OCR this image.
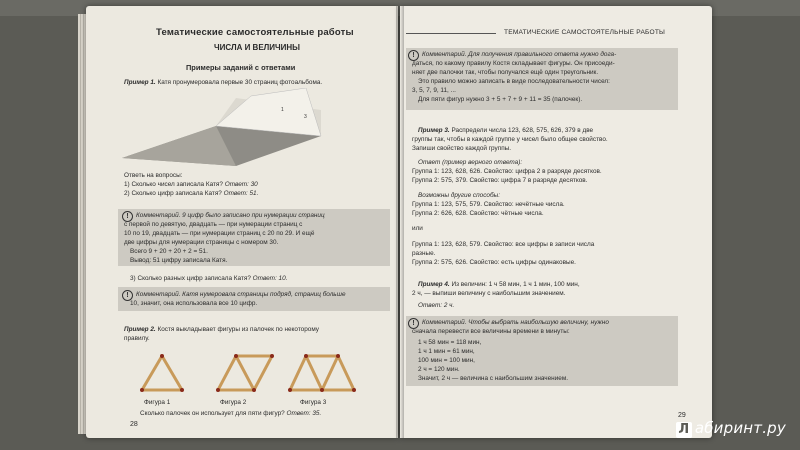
Тематические самостоятельные работы
ЧИСЛА И ВЕЛИЧИНЫ
Примеры заданий с ответами
Пример 1. Катя пронумеровала первые 30 страниц фотоальбома.
1
3
Ответь на вопросы:
1) Сколько чисел записала Катя? Ответ: 30
2) Сколько цифр записала Катя? Ответ: 51.
!	Комментарий. 9 цифр было записано при нумерации страниц
с первой по девятую, двадцать — при нумерации страниц с
10 по 19, двадцать — при нумерации страниц с 20 по 29. И ещё
две цифры для нумерации страницы с номером 30.
Всего 9 + 20 + 20 + 2 = 51.
Вывод: 51 цифру записала Катя.
3) Сколько разных цифр записала Катя? Ответ: 10.
!	Комментарий. Катя нумеровала страницы подряд, страниц больше
10, значит, она использовала все 10 цифр.
Пример 2. Костя выкладывает фигуры из палочек по некоторому
правилу.
Фигура 1	Фигура 2	Фигура 3
Сколько палочек он использует для пяти фигур? Ответ: 35.
28
ТЕМАТИЧЕСКИЕ САМОСТОЯТЕЛЬНЫЕ РАБОТЫ
!	Комментарий. Для получения правильного ответа нужно дога-
даться, по какому правилу Костя складывает фигуры. Он присоеди-
няет две палочки так, чтобы получался ещё один треугольник.
Это правило можно записать в виде последовательности чисел:
3, 5, 7, 9, 11, ...
Для пяти фигур нужно 3 + 5 + 7 + 9 + 11 = 35 (палочек).
Пример 3. Распредели числа 123, 628, 575, 626, 379 в две
группы так, чтобы в каждой группе у чисел было общее свойство.
Запиши свойство каждой группы.
Ответ (пример верного ответа):
Группа 1: 123, 628, 626. Свойство: цифра 2 в разряде десятков.
Группа 2: 575, 379. Свойство: цифра 7 в разряде десятков.
Возможны другие способы:
Группа 1: 123, 575, 579. Свойство: нечётные числа.
Группа 2: 626, 628. Свойство: чётные числа.
или
Группа 1: 123, 628, 579. Свойство: все цифры в записи числа
разные.
Группа 2: 575, 626. Свойство: есть цифры одинаковые.
Пример 4. Из величин: 1 ч 58 мин, 1 ч 1 мин, 100 мин,
2 ч, — выпиши величину с наибольшим значением.
Ответ: 2 ч.
!	Комментарий. Чтобы выбрать наибольшую величину, нужно
сначала перевести все величины времени в минуты:
1 ч 58 мин = 118 мин,
1 ч 1 мин = 61 мин,
100 мин = 100 мин,
2 ч = 120 мин.
Значит, 2 ч — величина с наибольшим значением.
29
Л абиринт.ру
